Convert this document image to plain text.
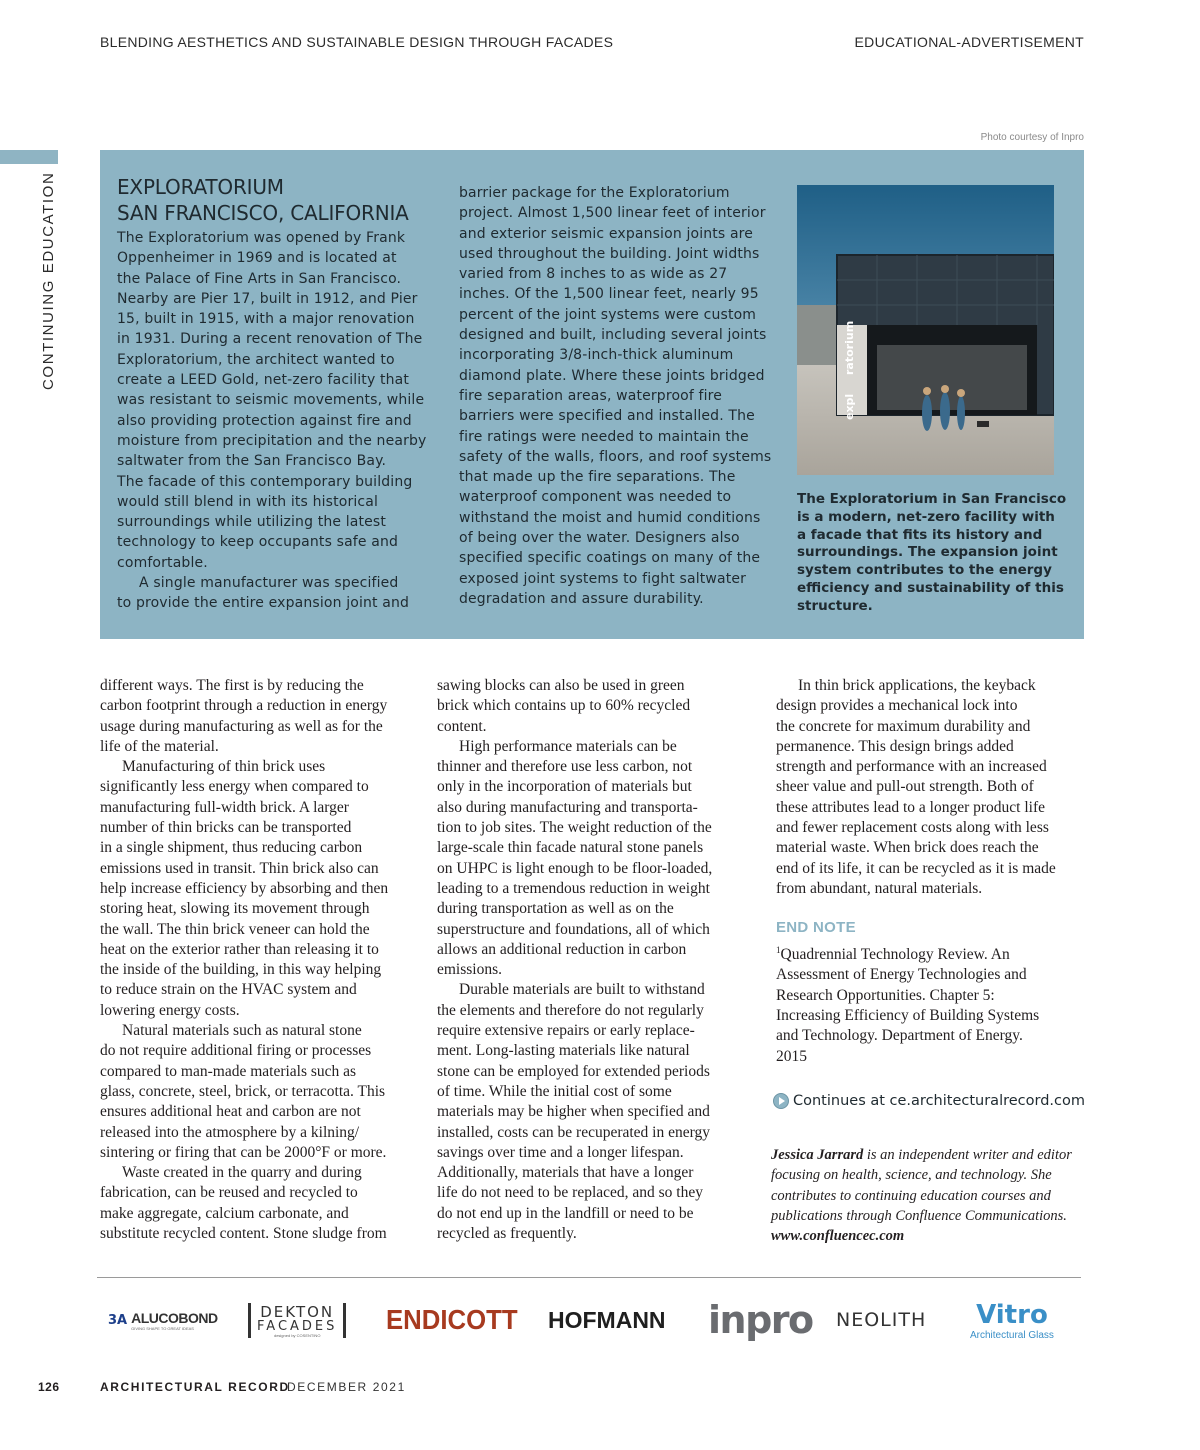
BLENDING AESTHETICS AND SUSTAINABLE DESIGN THROUGH FACADES	EDUCATIONAL-ADVERTISEMENT
CONTINUING EDUCATION
Photo courtesy of Inpro
EXPLORATORIUM
SAN FRANCISCO, CALIFORNIA
The Exploratorium was opened by Frank
Oppenheimer in 1969 and is located at
the Palace of Fine Arts in San Francisco.
Nearby are Pier 17, built in 1912, and Pier
15, built in 1915, with a major renovation
in 1931. During a recent renovation of The
Exploratorium, the architect wanted to
create a LEED Gold, net-zero facility that
was resistant to seismic movements, while
also providing protection against fire and
moisture from precipitation and the nearby
saltwater from the San Francisco Bay.
The facade of this contemporary building
would still blend in with its historical
surroundings while utilizing the latest
technology to keep occupants safe and
comfortable.
A single manufacturer was specified
to provide the entire expansion joint and
barrier package for the Exploratorium
project. Almost 1,500 linear feet of interior
and exterior seismic expansion joints are
used throughout the building. Joint widths
varied from 8 inches to as wide as 27
inches. Of the 1,500 linear feet, nearly 95
percent of the joint systems were custom
designed and built, including several joints
incorporating 3/8-inch-thick aluminum
diamond plate. Where these joints bridged
fire separation areas, waterproof fire
barriers were specified and installed. The
fire ratings were needed to maintain the
safety of the walls, floors, and roof systems
that made up the fire separations. The
waterproof component was needed to
withstand the moist and humid conditions
of being over the water. Designers also
specified specific coatings on many of the
exposed joint systems to fight saltwater
degradation and assure durability.
expl
ratorium
The Exploratorium in San Francisco
is a modern, net-zero facility with
a facade that fits its history and
surroundings. The expansion joint
system contributes to the energy
efficiency and sustainability of this
structure.
different ways. The first is by reducing the
carbon footprint through a reduction in energy
usage during manufacturing as well as for the
life of the material.
Manufacturing of thin brick uses
significantly less energy when compared to
manufacturing full-width brick. A larger
number of thin bricks can be transported
in a single shipment, thus reducing carbon
emissions used in transit. Thin brick also can
help increase efficiency by absorbing and then
storing heat, slowing its movement through
the wall. The thin brick veneer can hold the
heat on the exterior rather than releasing it to
the inside of the building, in this way helping
to reduce strain on the HVAC system and
lowering energy costs.
Natural materials such as natural stone
do not require additional firing or processes
compared to man-made materials such as
glass, concrete, steel, brick, or terracotta. This
ensures additional heat and carbon are not
released into the atmosphere by a kilning/
sintering or firing that can be 2000°F or more.
Waste created in the quarry and during
fabrication, can be reused and recycled to
make aggregate, calcium carbonate, and
substitute recycled content. Stone sludge from
sawing blocks can also be used in green
brick which contains up to 60% recycled
content.
High performance materials can be
thinner and therefore use less carbon, not
only in the incorporation of materials but
also during manufacturing and transporta-
tion to job sites. The weight reduction of the
large-scale thin facade natural stone panels
on UHPC is light enough to be floor-loaded,
leading to a tremendous reduction in weight
during transportation as well as on the
superstructure and foundations, all of which
allows an additional reduction in carbon
emissions.
Durable materials are built to withstand
the elements and therefore do not regularly
require extensive repairs or early replace-
ment. Long-lasting materials like natural
stone can be employed for extended periods
of time. While the initial cost of some
materials may be higher when specified and
installed, costs can be recuperated in energy
savings over time and a longer lifespan.
Additionally, materials that have a longer
life do not need to be replaced, and so they
do not end up in the landfill or need to be
recycled as frequently.
In thin brick applications, the keyback
design provides a mechanical lock into
the concrete for maximum durability and
permanence. This design brings added
strength and performance with an increased
sheer value and pull-out strength. Both of
these attributes lead to a longer product life
and fewer replacement costs along with less
material waste. When brick does reach the
end of its life, it can be recycled as it is made
from abundant, natural materials.
END NOTE
$^1$Quadrennial Technology Review. An
Assessment of Energy Technologies and
Research Opportunities. Chapter 5:
Increasing Efficiency of Building Systems
and Technology. Department of Energy.
2015
Continues at ce.architecturalrecord.com
Jessica Jarrard is an independent writer and editor
focusing on health, science, and technology. She
contributes to continuing education courses and
publications through Confluence Communications.
www.confluencec.com
3A ALUCOBOND
GIVING SHAPE TO GREAT IDEAS
DEKTON
FACADES
designed by COSENTINO	ENDICOTT HOFMANN inpro NEOLITH Vitro
Architectural Glass
126	ARCHITECTURAL RECORD
DECEMBER 2021
